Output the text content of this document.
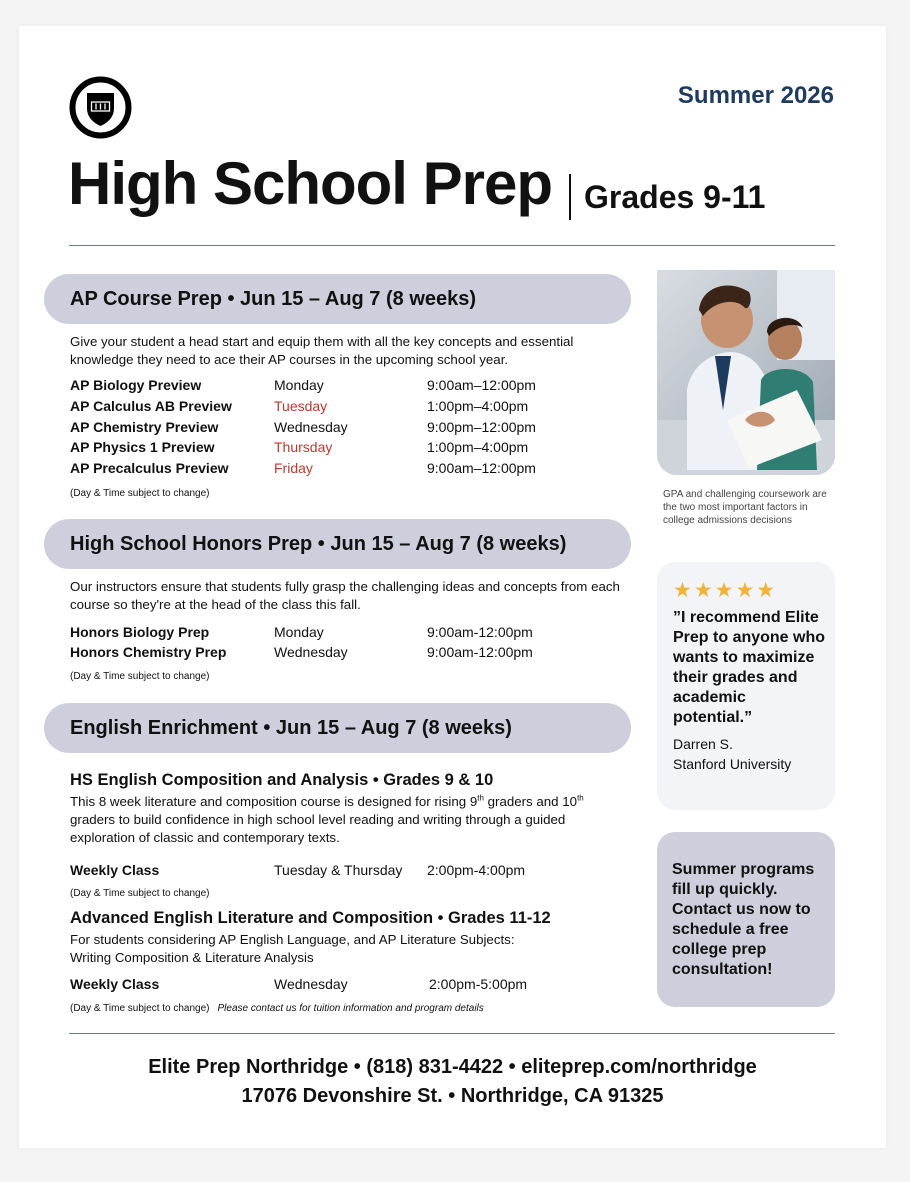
Summer 2026
High School Prep Grades 9-11
AP Course Prep • Jun 15 – Aug 7 (8 weeks)
Give your student a head start and equip them with all the key concepts and essential knowledge they need to ace their AP courses in the upcoming school year.
AP Biology Preview	Monday	9:00am–12:00pm
AP Calculus AB Preview	Tuesday	1:00pm–4:00pm
AP Chemistry Preview	Wednesday	9:00pm–12:00pm
AP Physics 1 Preview	Thursday	1:00pm–4:00pm
AP Precalculus Preview	Friday	9:00am–12:00pm
(Day & Time subject to change)
High School Honors Prep • Jun 15 – Aug 7 (8 weeks)
Our instructors ensure that students fully grasp the challenging ideas and concepts from each course so they're at the head of the class this fall.
Honors Biology Prep	Monday	9:00am-12:00pm
Honors Chemistry Prep	Wednesday	9:00am-12:00pm
(Day & Time subject to change)
English Enrichment • Jun 15 – Aug 7 (8 weeks)
HS English Composition and Analysis • Grades 9 & 10
This 8 week literature and composition course is designed for rising 9th graders and 10th graders to build confidence in high school level reading and writing through a guided exploration of classic and contemporary texts.
Weekly Class	Tuesday & Thursday 2:00pm-4:00pm
(Day & Time subject to change)
Advanced English Literature and Composition • Grades 11-12
For students considering AP English Language, and AP Literature Subjects:
Writing Composition & Literature Analysis
Weekly Class	Wednesday	2:00pm-5:00pm
(Day & Time subject to change) Please contact us for tuition information and program details
GPA and challenging coursework are the two most important factors in college admissions decisions
★★★★★
”I recommend Elite Prep to anyone who wants to maximize their grades and academic potential.”
Darren S.
Stanford University
Summer programs fill up quickly. Contact us now to schedule a free college prep consultation!
Elite Prep Northridge • (818) 831-4422 • eliteprep.com/northridge
17076 Devonshire St. • Northridge, CA 91325
